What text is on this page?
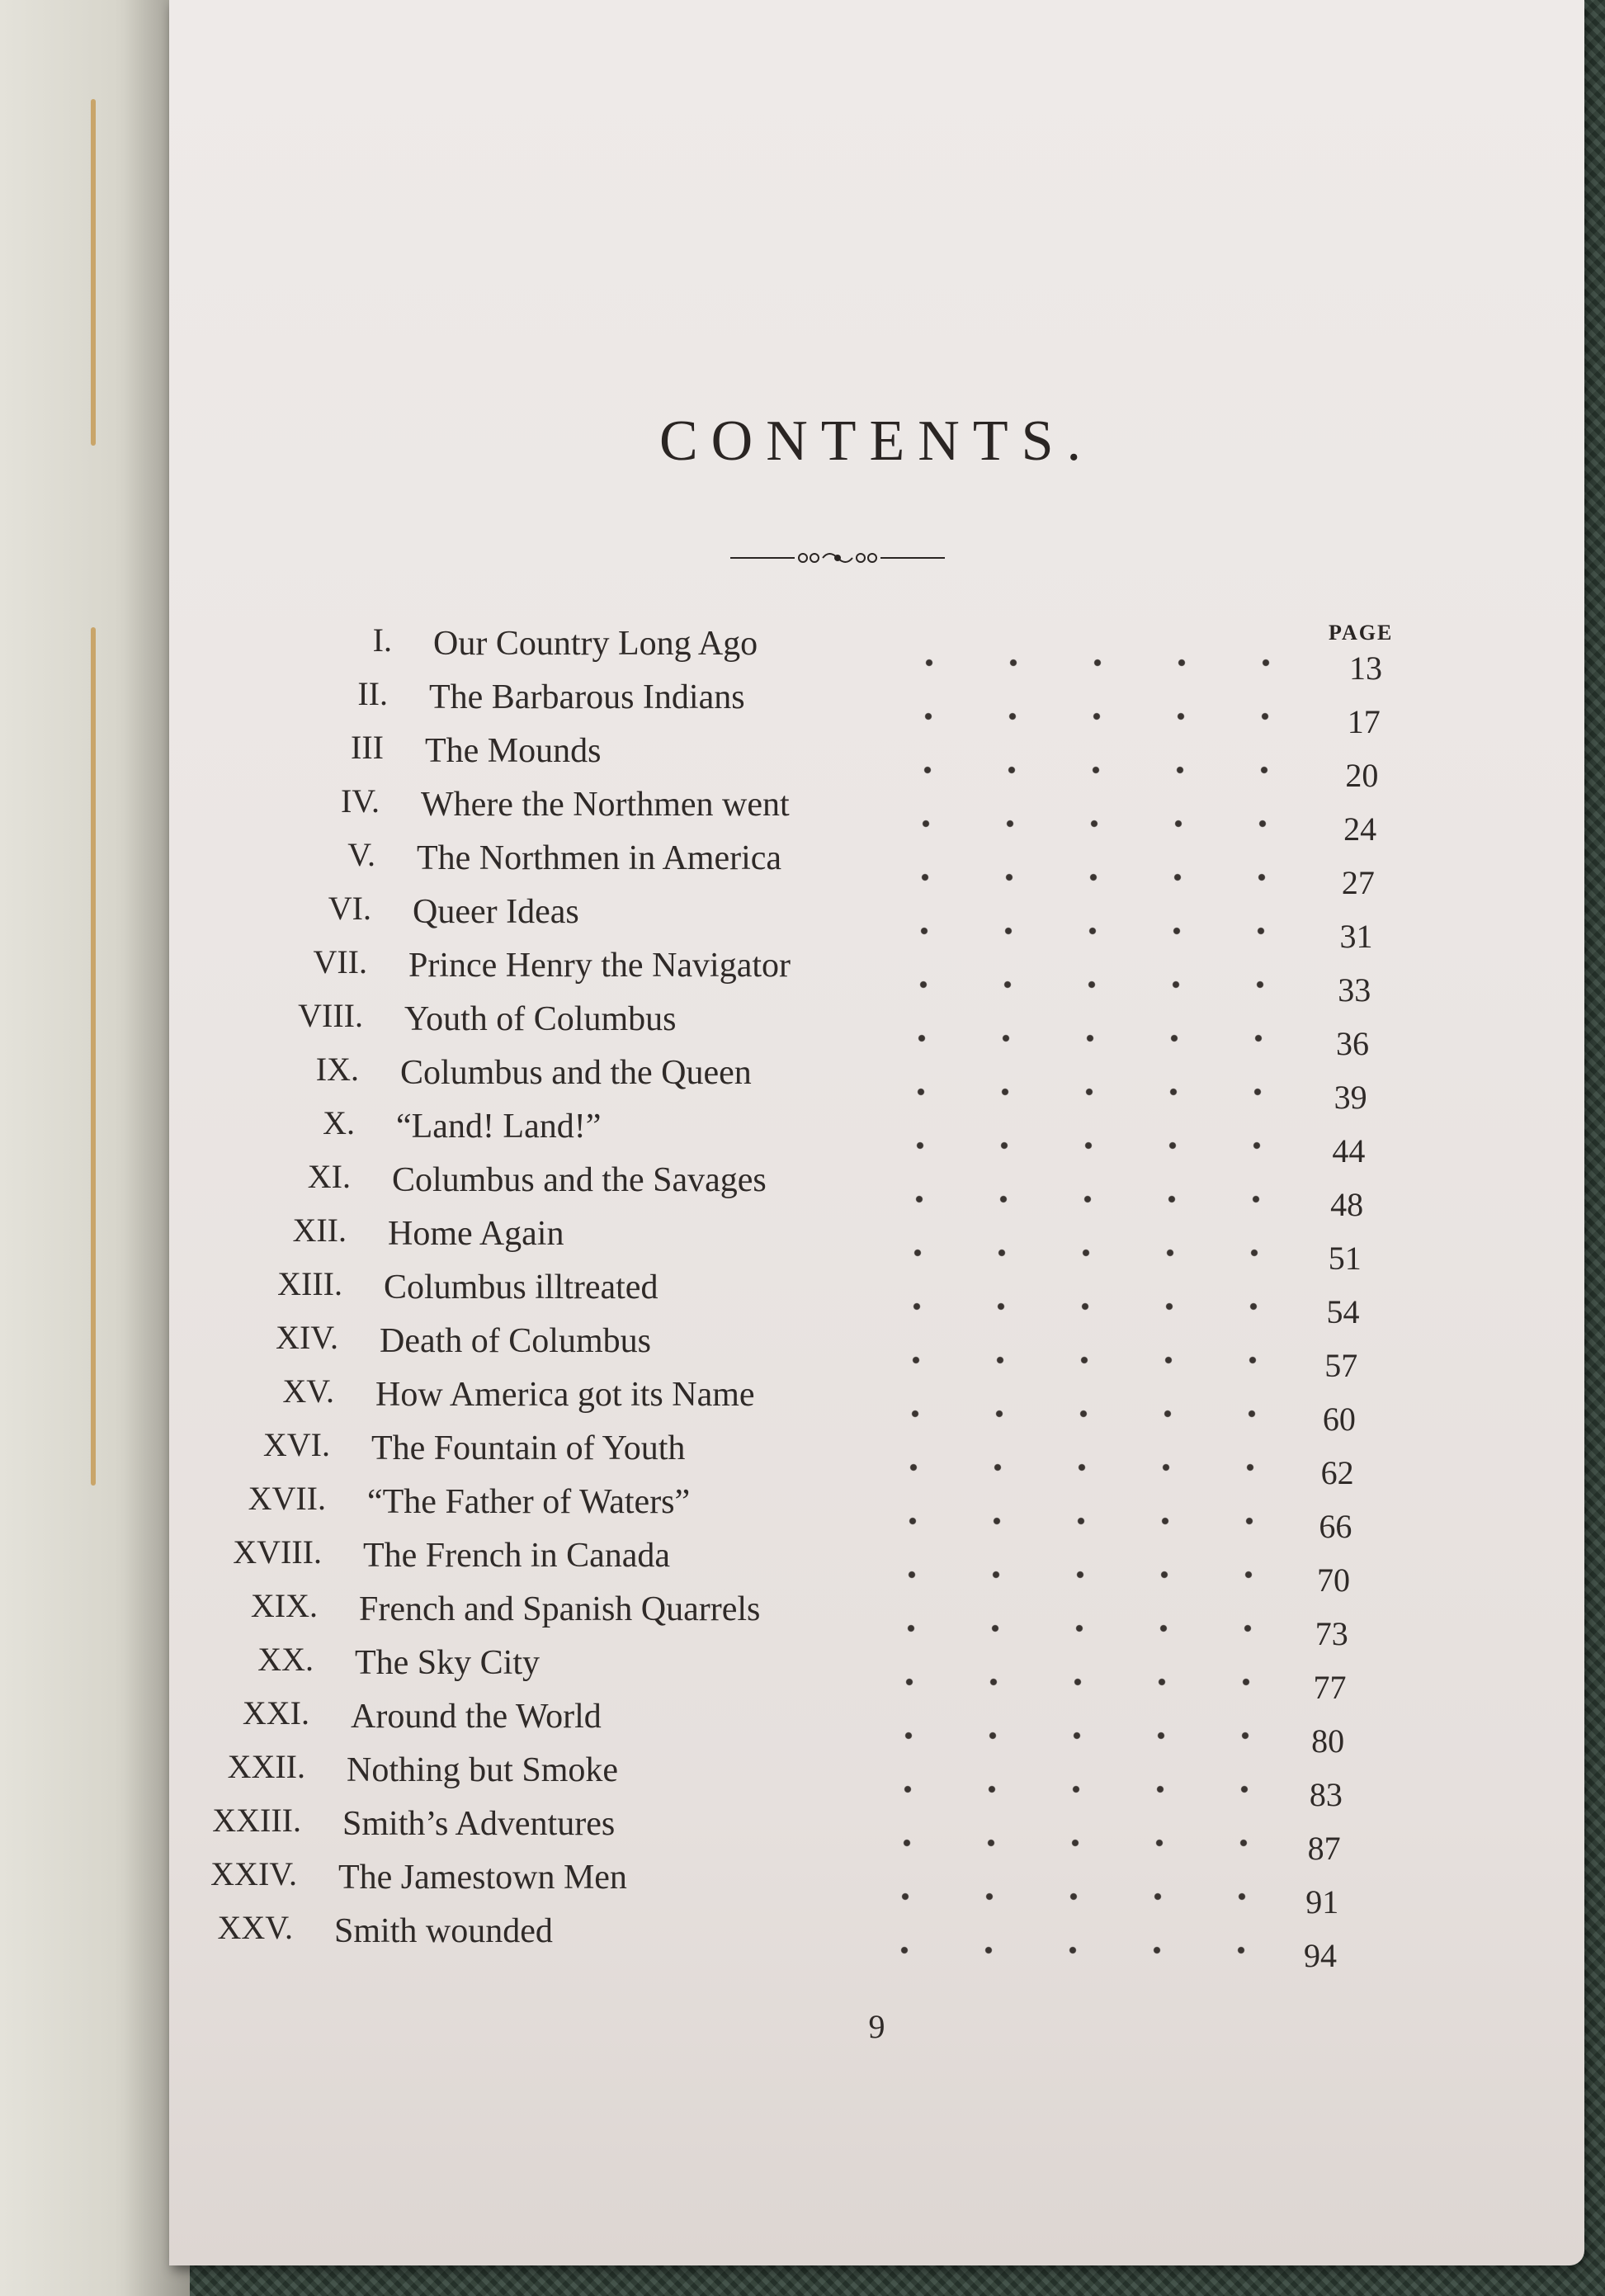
CONTENTS.
PAGE
I. Our Country Long Ago
13
II. The Barbarous Indians
17
III The Mounds
20
IV. Where the Northmen went
24
V. The Northmen in America
27
VI. Queer Ideas
31
VII. Prince Henry the Navigator
33
VIII. Youth of Columbus
36
IX. Columbus and the Queen
39
X. “Land! Land!”
44
XI. Columbus and the Savages
48
XII. Home Again
51
XIII. Columbus illtreated
54
XIV. Death of Columbus
57
XV. How America got its Name
60
XVI. The Fountain of Youth
62
XVII. “The Father of Waters”
66
XVIII. The French in Canada
70
XIX. French and Spanish Quarrels
73
XX. The Sky City
77
XXI. Around the World
80
XXII. Nothing but Smoke
83
XXIII. Smith’s Adventures
87
XXIV. The Jamestown Men
91
XXV. Smith wounded
94
9
